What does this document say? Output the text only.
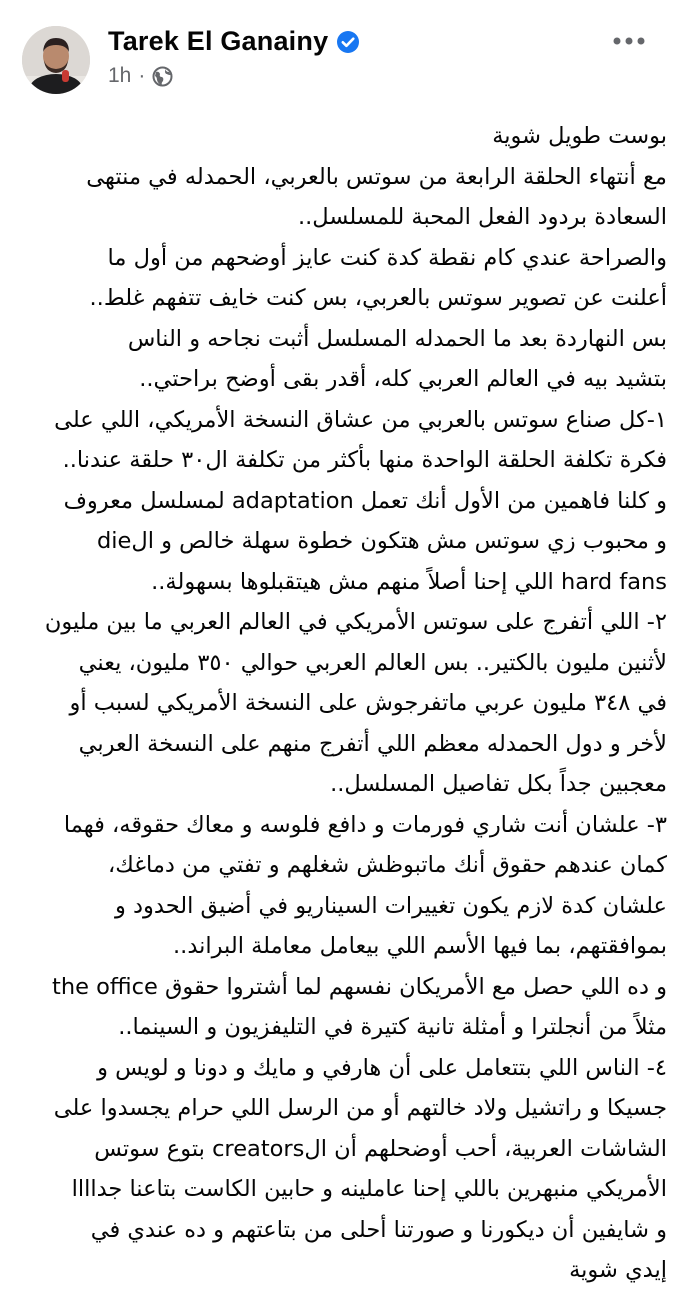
Tarek El Ganainy
1h ·
بوست طويل شوية
مع أنتهاء الحلقة الرابعة من سوتس بالعربي، الحمدله في منتهى
السعادة بردود الفعل المحبة للمسلسل..
والصراحة عندي كام نقطة كدة كنت عايز أوضحهم من أول ما
أعلنت عن تصوير سوتس بالعربي، بس كنت خايف تتفهم غلط..
بس النهاردة بعد ما الحمدله المسلسل أثبت نجاحه و الناس
بتشيد بيه في العالم العربي كله، أقدر بقى أوضح براحتي..
١-كل صناع سوتس بالعربي من عشاق النسخة الأمريكي، اللي على
فكرة تكلفة الحلقة الواحدة منها بأكثر من تكلفة ال٣٠ حلقة عندنا..
و كلنا فاهمين من الأول أنك تعمل adaptation لمسلسل معروف
و محبوب زي سوتس مش هتكون خطوة سهلة خالص و الdie
hard fans اللي إحنا أصلاً منهم مش هيتقبلوها بسهولة..
٢- اللي أتفرج على سوتس الأمريكي في العالم العربي ما بين مليون
لأثنين مليون بالكتير.. بس العالم العربي حوالي ٣٥٠ مليون، يعني
في ٣٤٨ مليون عربي ماتفرجوش على النسخة الأمريكي لسبب أو
لأخر و دول الحمدله معظم اللي أتفرج منهم على النسخة العربي
معجبين جداً بكل تفاصيل المسلسل..
٣- علشان أنت شاري فورمات و دافع فلوسه و معاك حقوقه، فهما
كمان عندهم حقوق أنك ماتبوظش شغلهم و تفتي من دماغك،
علشان كدة لازم يكون تغييرات السيناريو في أضيق الحدود و
بموافقتهم، بما فيها الأسم اللي بيعامل معاملة البراند..
و ده اللي حصل مع الأمريكان نفسهم لما أشتروا حقوق the office
مثلاً من أنجلترا و أمثلة تانية كتيرة في التليفزيون و السينما..
٤- الناس اللي بتتعامل على أن هارفي و مايك و دونا و لويس و
جسيكا و راتشيل ولاد خالتهم أو من الرسل اللي حرام يجسدوا على
الشاشات العربية، أحب أوضحلهم أن الcreators بتوع سوتس
الأمريكي منبهرين باللي إحنا عاملينه و حابين الكاست بتاعنا جداااا
و شايفين أن ديكورنا و صورتنا أحلى من بتاعتهم و ده عندي في
إيدي شوية
